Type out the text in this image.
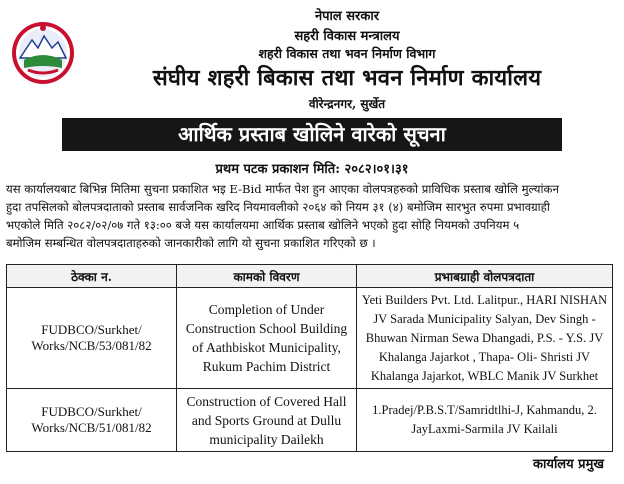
नेपाल सरकार
सहरी विकास मन्त्रालय
शहरी विकास तथा भवन निर्माण विभाग
संघीय शहरी बिकास तथा भवन निर्माण कार्यालय
वीरेन्द्रनगर, सुर्खेत
आर्थिक प्रस्ताब खोलिने वारेको सूचना
प्रथम पटक प्रकाशन मिति: २०८२।०१।३१
यस कार्यालयबाट बिभिन्न मितिमा सुचना प्रकाशित भइ E-Bid मार्फत पेश हुन आएका वोलपत्रहरुको प्राविधिक प्रस्ताब खोलि मुल्यांकन
हुदा तपसिलको बोलपत्रदाताको प्रस्ताब सार्वजनिक खरिद नियमावलीको २०६४ को नियम ३१ (४) बमोजिम सारभुत रुपमा प्रभावग्राही
भएकोले मिति २०८२/०२/०७ गते १३:०० बजे यस कार्यालयमा आर्थिक प्रस्ताब खोलिने भएको हुदा सोहि नियमको उपनियम ५
बमोजिम सम्बन्धित वोलपत्रदाताहरुको जानकारीको लागि यो सुचना प्रकाशित गरिएको छ ।
ठेक्का न.	कामको विवरण	प्रभाबग्राही वोलपत्रदाता
FUDBCO/Surkhet/ Works/NCB/53/081/82	Completion of Under Construction School Building of Aathbiskot Municipality, Rukum Pachim District	Yeti Builders Pvt. Ltd. Lalitpur., HARI NISHAN JV Sarada Municipality Salyan, Dev Singh - Bhuwan Nirman Sewa Dhangadi, P.S. - Y.S. JV Khalanga Jajarkot , Thapa- Oli- Shristi JV Khalanga Jajarkot, WBLC Manik JV Surkhet
FUDBCO/Surkhet/ Works/NCB/51/081/82	Construction of Covered Hall and Sports Ground at Dullu municipality Dailekh	1.Pradej/P.B.S.T/Samridtlhi-J, Kahmandu, 2. JayLaxmi-Sarmila JV Kailali
कार्यालय प्रमुख
